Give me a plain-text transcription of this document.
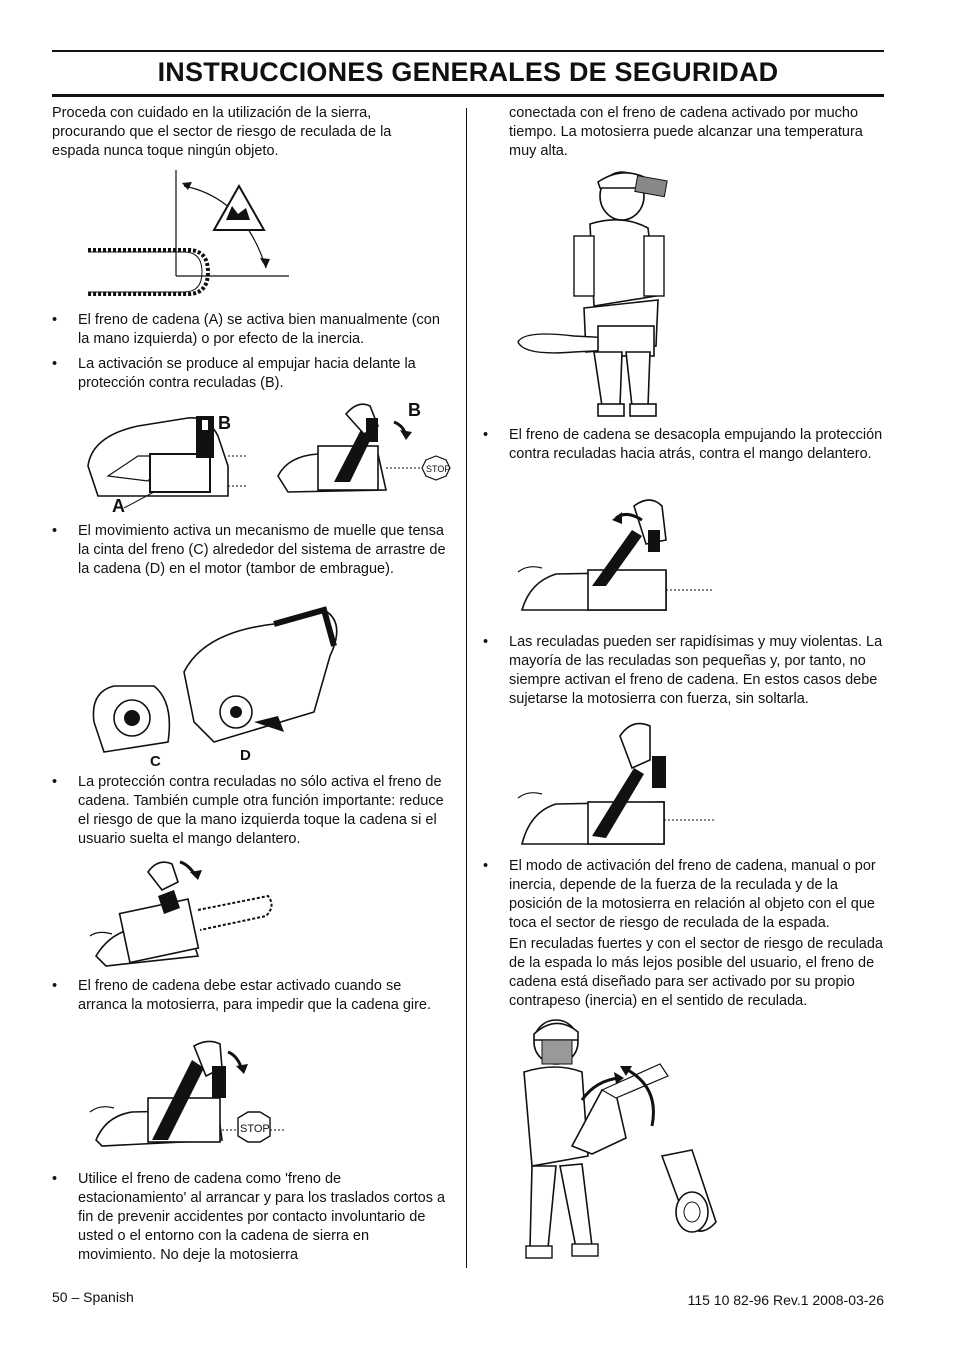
INSTRUCCIONES GENERALES DE SEGURIDAD

Proceda con cuidado en la utilización de la sierra, procurando que el sector de riesgo de reculada de la espada nunca toque ningún objeto.

• El freno de cadena (A) se activa bien manualmente (con la mano izquierda) o por efecto de la inercia.
• La activación se produce al empujar hacia delante la protección contra reculadas (B).
B
A
STOP
B
• El movimiento activa un mecanismo de muelle que tensa la cinta del freno (C) alrededor del sistema de arrastre de la cadena (D) en el motor (tambor de embrague).
C	D
• La protección contra reculadas no sólo activa el freno de cadena. También cumple otra función importante: reduce el riesgo de que la mano izquierda toque la cadena si el usuario suelta el mango delantero.
• El freno de cadena debe estar activado cuando se arranca la motosierra, para impedir que la cadena gire.
STOP
• Utilice el freno de cadena como 'freno de estacionamiento' al arrancar y para los traslados cortos a fin de prevenir accidentes por contacto involuntario de usted o el entorno con la cadena de sierra en movimiento. No deje la motosierra

conectada con el freno de cadena activado por mucho tiempo. La motosierra puede alcanzar una temperatura muy alta.

• El freno de cadena se desacopla empujando la protección contra reculadas hacia atrás, contra el mango delantero.
• Las reculadas pueden ser rapidísimas y muy violentas. La mayoría de las reculadas son pequeñas y, por tanto, no siempre activan el freno de cadena. En estos casos debe sujetarse la motosierra con fuerza, sin soltarla.
• El modo de activación del freno de cadena, manual o por inercia, depende de la fuerza de la reculada y de la posición de la motosierra en relación al objeto con el que toca el sector de riesgo de reculada de la espada.

En reculadas fuertes y con el sector de riesgo de reculada de la espada lo más lejos posible del usuario, el freno de cadena está diseñado para ser activado por su propio contrapeso (inercia) en el sentido de reculada.

50 – Spanish	115 10 82-96 Rev.1 2008-03-26
